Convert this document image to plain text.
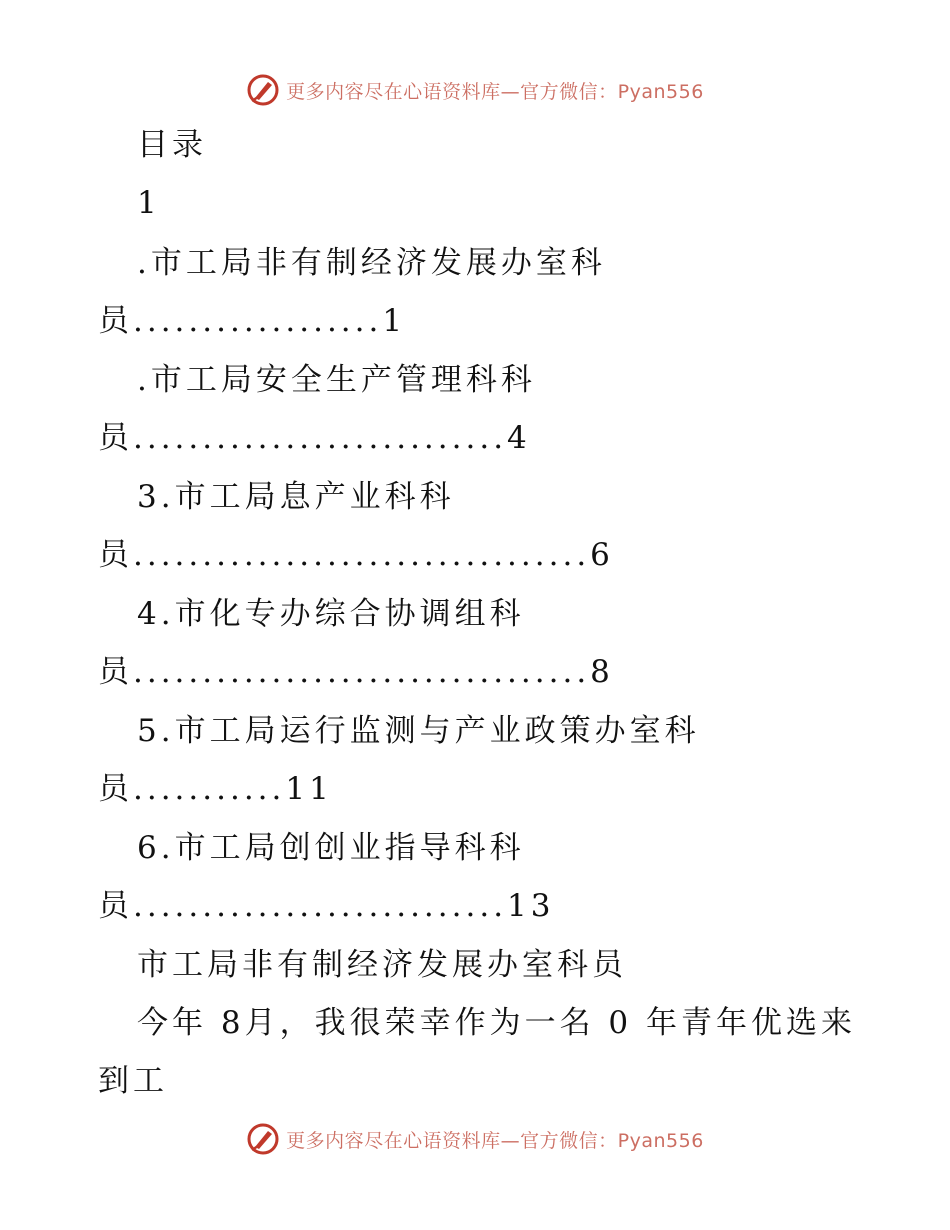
更多内容尽在心语资料库—官方微信：Pyan556
目录
1
.市工局非有制经济发展办室科
员..................1
.市工局安全生产管理科科
员...........................4
3.市工局息产业科科
员.................................6
4.市化专办综合协调组科
员.................................8
5.市工局运行监测与产业政策办室科
员...........11
6.市工局创创业指导科科
员...........................13
市工局非有制经济发展办室科员
今年 8月，我很荣幸作为一名 0 年青年优选来
到工
更多内容尽在心语资料库—官方微信：Pyan556
